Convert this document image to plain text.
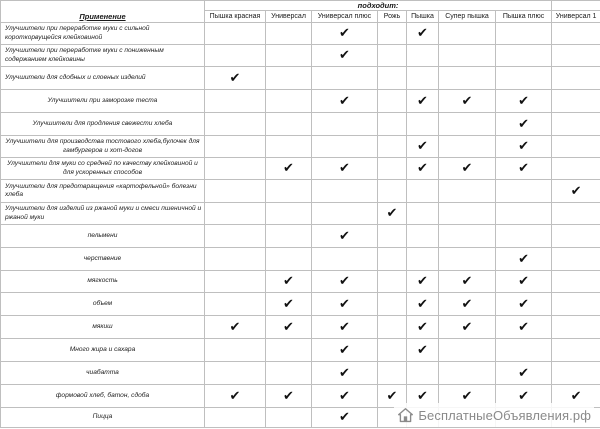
Применение	подходит:							
	Пышка красная	Универсал	Универсал плюс	Рожь	Пышка	Супер пышка	Пышка плюс	Универсал 1
Улучшители при переработке муки с сильной короткорвущейся клейковиной			✔		✔			
Улучшители при переработке муки с пониженным содержанием клейковины			✔					
Улучшители для сдобных и слоеных изделий	✔							
Улучшители при заморозке теста			✔		✔	✔	✔	
Улучшители для продления свежести хлеба							✔	
Улучшители для производства тостового хлеба,булочек для гамбургеров и хот-догов					✔		✔	
Улучшители для муки со средней по качеству клейковиной и для ускоренных способов		✔	✔		✔	✔	✔	
Улучшители для предотвращения «картофельной» болезни хлеба								✔
Улучшители для изделий из ржаной муки и смеси пшеничной и ржаной муки				✔				
пельмени			✔					
черствение							✔	
мягкость		✔	✔		✔	✔	✔	
объем		✔	✔		✔	✔	✔	
мякиш	✔	✔	✔		✔	✔	✔	
Много жира и сахара			✔		✔			
чиабатта			✔				✔	
формовой хлеб, батон, сдоба	✔	✔	✔	✔	✔	✔	✔	✔
Пицца			✔						БесплатныеОбъявления.рф
